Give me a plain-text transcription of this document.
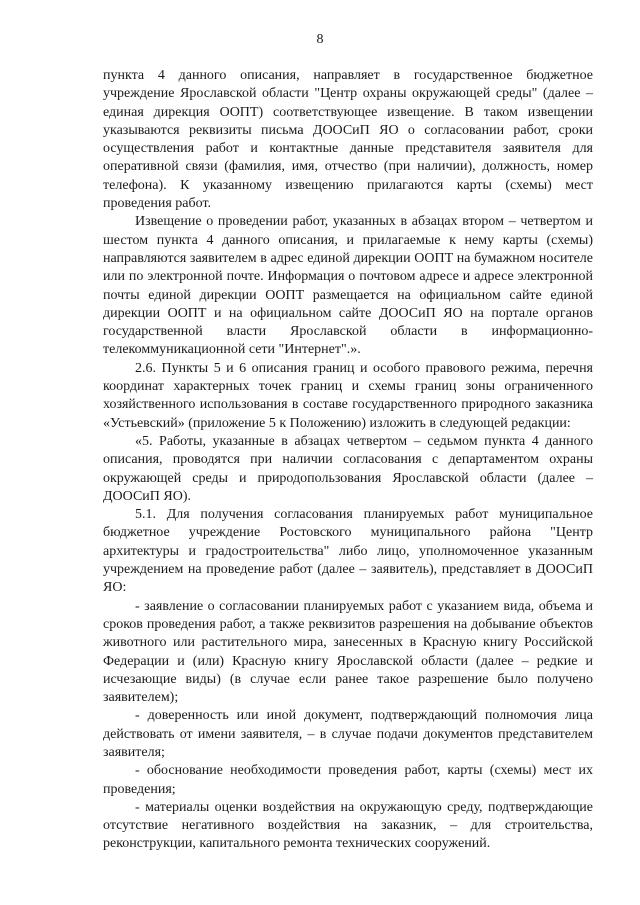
8

пункта 4 данного описания, направляет в государственное бюджетное учреждение Ярославской области "Центр охраны окружающей среды" (далее – единая дирекция ООПТ) соответствующее извещение. В таком извещении указываются реквизиты письма ДООСиП ЯО о согласовании работ, сроки осуществления работ и контактные данные представителя заявителя для оперативной связи (фамилия, имя, отчество (при наличии), должность, номер телефона). К указанному извещению прилагаются карты (схемы) мест проведения работ.

Извещение о проведении работ, указанных в абзацах втором – четвертом и шестом пункта 4 данного описания, и прилагаемые к нему карты (схемы) направляются заявителем в адрес единой дирекции ООПТ на бумажном носителе или по электронной почте. Информация о почтовом адресе и адресе электронной почты единой дирекции ООПТ размещается на официальном сайте единой дирекции ООПТ и на официальном сайте ДООСиП ЯО на портале органов государственной власти Ярославской области в информационно-телекоммуникационной сети "Интернет".».

2.6. Пункты 5 и 6 описания границ и особого правового режима, перечня координат характерных точек границ и схемы границ зоны ограниченного хозяйственного использования в составе государственного природного заказника «Устьевский» (приложение 5 к Положению) изложить в следующей редакции:

«5. Работы, указанные в абзацах четвертом – седьмом пункта 4 данного описания, проводятся при наличии согласования с департаментом охраны окружающей среды и природопользования Ярославской области (далее – ДООСиП ЯО).

5.1. Для получения согласования планируемых работ муниципальное бюджетное учреждение Ростовского муниципального района "Центр архитектуры и градостроительства" либо лицо, уполномоченное указанным учреждением на проведение работ (далее – заявитель), представляет в ДООСиП ЯО:

- заявление о согласовании планируемых работ с указанием вида, объема и сроков проведения работ, а также реквизитов разрешения на добывание объектов животного или растительного мира, занесенных в Красную книгу Российской Федерации и (или) Красную книгу Ярославской области (далее – редкие и исчезающие виды) (в случае если ранее такое разрешение было получено заявителем);

- доверенность или иной документ, подтверждающий полномочия лица действовать от имени заявителя, – в случае подачи документов представителем заявителя;

- обоснование необходимости проведения работ, карты (схемы) мест их проведения;

- материалы оценки воздействия на окружающую среду, подтверждающие отсутствие негативного воздействия на заказник, – для строительства, реконструкции, капитального ремонта технических сооружений.
